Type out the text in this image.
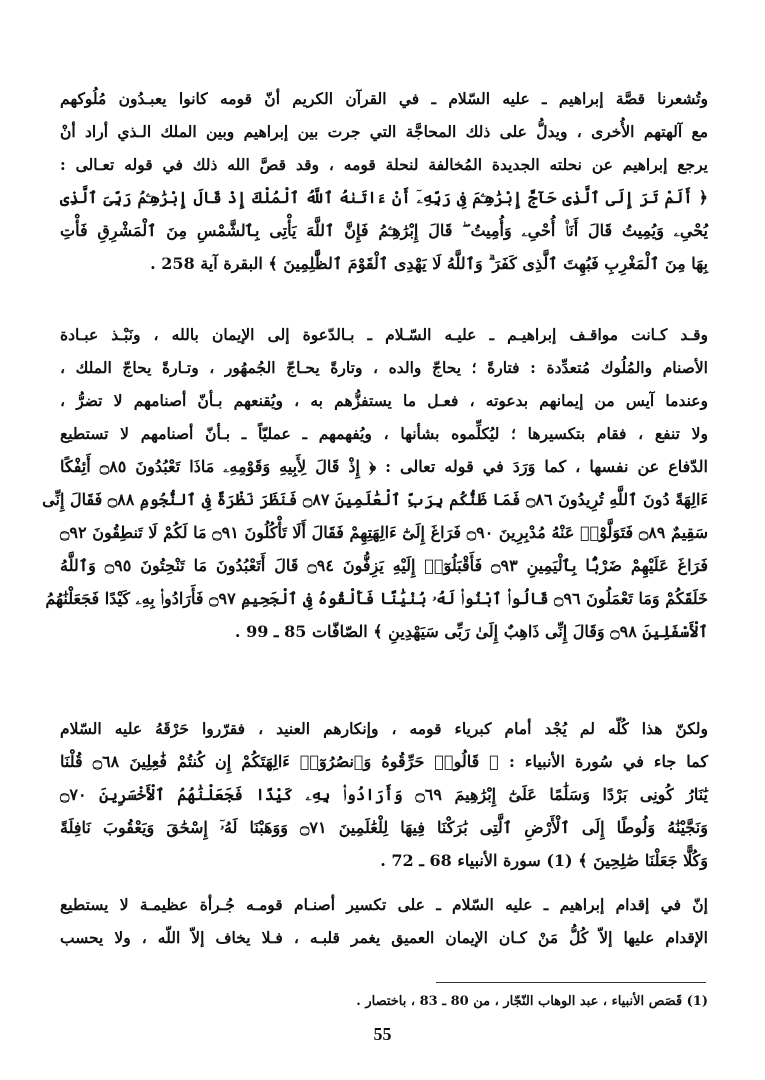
وتُشعرنا قصَّة إبراهيم ـ عليه السّلام ـ في القرآن الكريم أنّ قومه كانوا يعبـدُون مُلُوكهم
مع آلهتهم الأُخرى ، ويدلُّ على ذلك المحاجَّة التي جرت بين إبراهيم وبين الملك الـذي أراد أنْ
يرجع إبراهيم عن نحلته الجديدة المُخالفة لنحلة قومه ، وقد قصَّ الله ذلك في قوله تعـالى :
﴿ أَلَمْ تَرَ إِلَى ٱلَّذِى حَآجَّ إِبْرَٰهِـۧمَ فِى رَبِّهِۦٓ أَنْ ءَاتَىٰهُ ٱللَّهُ ٱلْمُلْكَ إِذْ قَالَ إِبْرَٰهِـۧمُ رَبِّىَ ٱلَّذِى
يُحْىِۦ وَيُمِيتُ قَالَ أَنَا۠ أُحْىِۦ وَأُمِيتُ ۖ قَالَ إِبْرَٰهِـۧمُ فَإِنَّ ٱللَّهَ يَأْتِى بِٱلشَّمْسِ مِنَ ٱلْمَشْرِقِ فَأْتِ
بِهَا مِنَ ٱلْمَغْرِبِ فَبُهِتَ ٱلَّذِى كَفَرَ ۗ وَٱللَّهُ لَا يَهْدِى ٱلْقَوْمَ ٱلظَّٰلِمِينَ ﴾ البقرة آية 258 .
وقـد كـانت مواقـف إبراهيـم ـ عليـه السّـلام ـ بـالدّعوة إلى الإيمان بالله ، ونَبْـذ عبـادة
الأصنام والمُلُوك مُتعدِّدة : فتارةً ؛ يحاجّ والده ، وتارةً يحـاجّ الجُمهُور ، وتـارةً يحاجّ الملك ،
وعندما آيس من إيمانهم بدعوته ، فعـل ما يستفزُّهم به ، ويُقنعهم بـأنّ أصنامهم لا تضرُّ ،
ولا تنفع ، فقام بتكسيرها ؛ ليُكلِّموه بشأنها ، ويُفهمهم ـ عمليّاً ـ بـأنّ أصنامهم لا تستطيع
الدّفاع عن نفسها ، كما وَرَدَ في قوله تعالى : ﴿ إِذْ قَالَ لِأَبِيهِ وَقَوْمِهِۦ مَاذَا تَعْبُدُونَ ۝٨٥ أَئِفْكًا
ءَالِهَةً دُونَ ٱللَّهِ تُرِيدُونَ ۝٨٦ فَمَا ظَنُّكُم بِرَبِّ ٱلْعَٰلَمِينَ ۝٨٧ فَنَظَرَ نَظْرَةً فِى ٱلنُّجُومِ ۝٨٨ فَقَالَ إِنِّى
سَقِيمٌ ۝٨٩ فَتَوَلَّوْا۟ عَنْهُ مُدْبِرِينَ ۝٩٠ فَرَاغَ إِلَىٰٓ ءَالِهَتِهِمْ فَقَالَ أَلَا تَأْكُلُونَ ۝٩١ مَا لَكُمْ لَا تَنطِقُونَ ۝٩٢
فَرَاغَ عَلَيْهِمْ ضَرْبًۢا بِٱلْيَمِينِ ۝٩٣ فَأَقْبَلُوٓا۟ إِلَيْهِ يَزِفُّونَ ۝٩٤ قَالَ أَتَعْبُدُونَ مَا تَنْحِتُونَ ۝٩٥ وَٱللَّهُ
خَلَقَكُمْ وَمَا تَعْمَلُونَ ۝٩٦ قَالُوا۟ ٱبْنُوا۟ لَهُۥ بُنْيَٰنًا فَأَلْقُوهُ فِى ٱلْجَحِيمِ ۝٩٧ فَأَرَادُوا۟ بِهِۦ كَيْدًا فَجَعَلْنَٰهُمُ
ٱلْأَسْفَلِينَ ۝٩٨ وَقَالَ إِنِّى ذَاهِبٌ إِلَىٰ رَبِّى سَيَهْدِينِ ﴾ الصّافّات 85 ـ 99 .
ولكنّ هذا كُلّه لم يُجْد أمام كبرياء قومه ، وإنكارهم العنيد ، فقرّروا حَرْقَهُ عليه السّلام
كما جاء في سُورة الأنبياء : ﴿ قَالُوا۟ حَرِّقُوهُ وَٱنصُرُوٓا۟ ءَالِهَتَكُمْ إِن كُنتُمْ فَٰعِلِينَ ۝٦٨ قُلْنَا
يَٰنَارُ كُونِى بَرْدًا وَسَلَٰمًا عَلَىٰٓ إِبْرَٰهِيمَ ۝٦٩ وَأَرَادُوا۟ بِهِۦ كَيْدًا فَجَعَلْنَٰهُمُ ٱلْأَخْسَرِينَ ۝٧٠
وَنَجَّيْنَٰهُ وَلُوطًا إِلَى ٱلْأَرْضِ ٱلَّتِى بَٰرَكْنَا فِيهَا لِلْعَٰلَمِينَ ۝٧١ وَوَهَبْنَا لَهُۥٓ إِسْحَٰقَ وَيَعْقُوبَ نَافِلَةً
وَكُلًّا جَعَلْنَا صَٰلِحِينَ ﴾ (1) سورة الأنبياء 68 ـ 72 .
إنّ في إقدام إبراهيم ـ عليه السّلام ـ على تكسير أصنـام قومـه جُـرأة عظيمـة لا يستطيع
الإقدام عليها إلاّ كُلُّ مَنْ كـان الإيمان العميق يغمر قلبـه ، فـلا يخاف إلاّ اللّه ، ولا يحسب
(1) قَصَص الأنبياء ، عبد الوهاب النّجّار ، من 80 ـ 83 ، باختصار .
55
